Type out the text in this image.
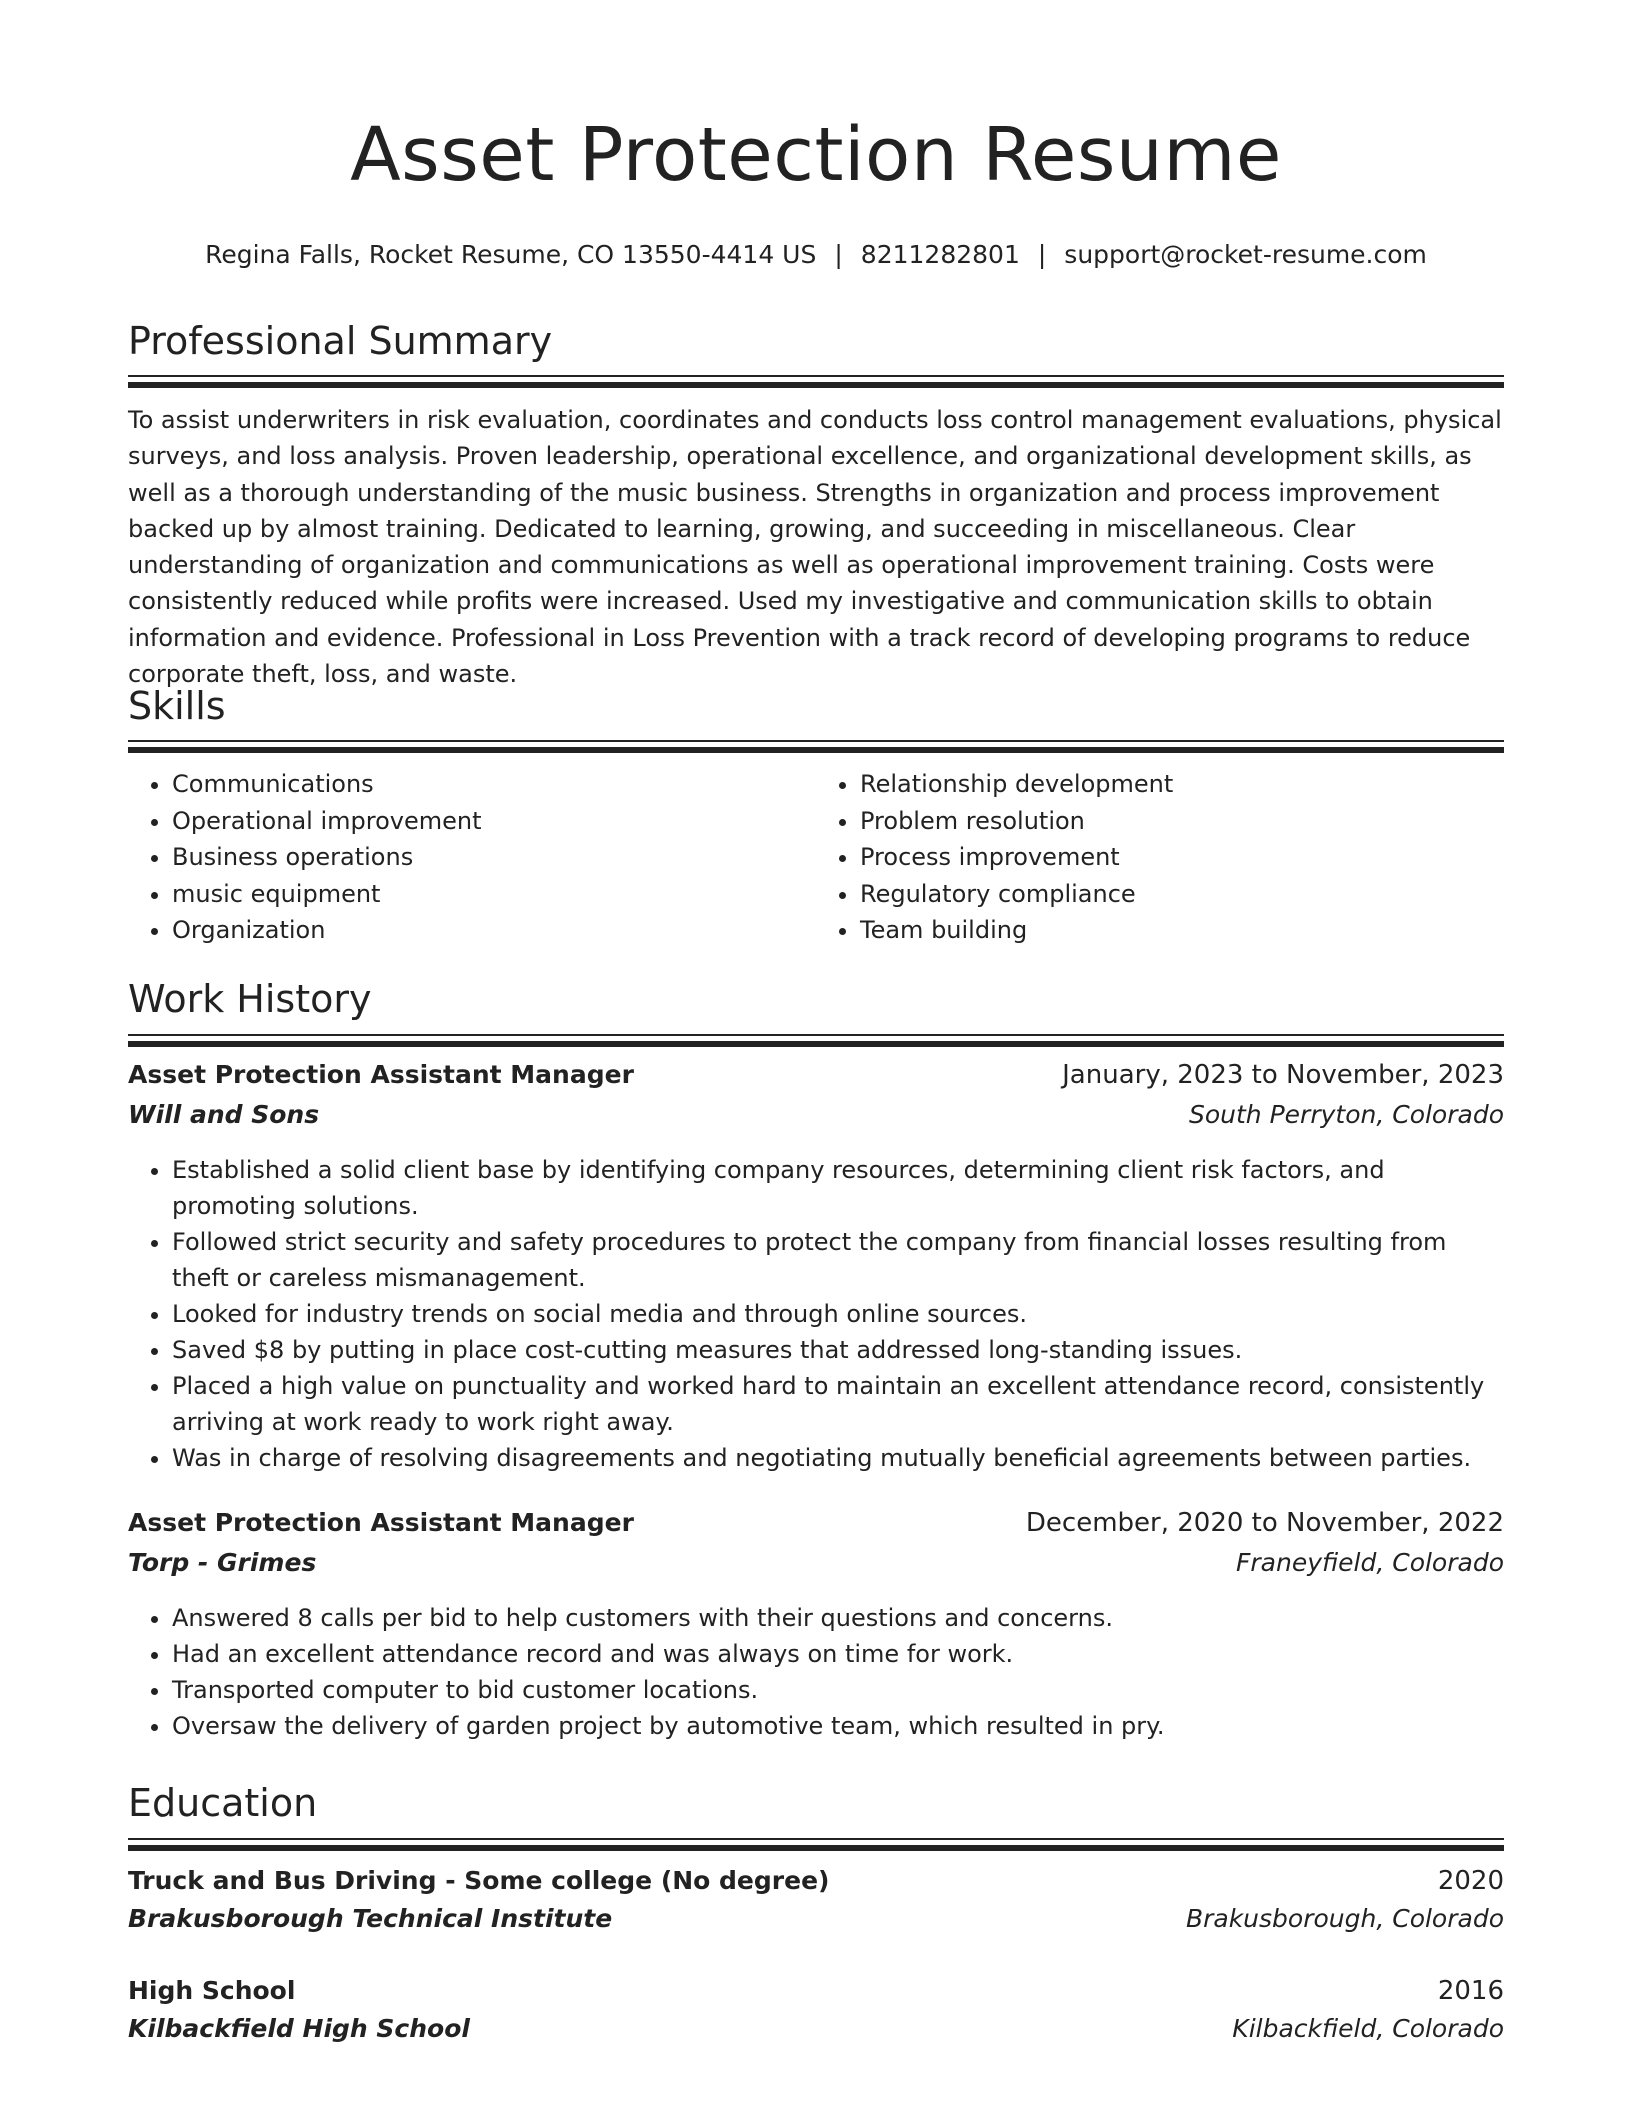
Asset Protection Resume
Regina Falls, Rocket Resume, CO 13550-4414 US | 8211282801 | support@rocket-resume.com
Professional Summary

To assist underwriters in risk evaluation, coordinates and conducts loss control management evaluations, physical surveys, and loss analysis. Proven leadership, operational excellence, and organizational development skills, as well as a thorough understanding of the music business. Strengths in organization and process improvement backed up by almost training. Dedicated to learning, growing, and succeeding in miscellaneous. Clear understanding of organization and communications as well as operational improvement training. Costs were consistently reduced while profits were increased. Used my investigative and communication skills to obtain information and evidence. Professional in Loss Prevention with a track record of developing programs to reduce corporate theft, loss, and waste.

Skills
• Communications
• Operational improvement
• Business operations
• music equipment
• Organization
• Relationship development
• Problem resolution
• Process improvement
• Regulatory compliance
• Team building
Work History
Asset Protection Assistant Manager	January, 2023 to November, 2023
Will and Sons	South Perryton, Colorado
• Established a solid client base by identifying company resources, determining client risk factors, and promoting solutions.
• Followed strict security and safety procedures to protect the company from financial losses resulting from theft or careless mismanagement.
• Looked for industry trends on social media and through online sources.
• Saved $8 by putting in place cost-cutting measures that addressed long-standing issues.
• Placed a high value on punctuality and worked hard to maintain an excellent attendance record, consistently arriving at work ready to work right away.
• Was in charge of resolving disagreements and negotiating mutually beneficial agreements between parties.
Asset Protection Assistant Manager	December, 2020 to November, 2022
Torp - Grimes	Franeyfield, Colorado
• Answered 8 calls per bid to help customers with their questions and concerns.
• Had an excellent attendance record and was always on time for work.
• Transported computer to bid customer locations.
• Oversaw the delivery of garden project by automotive team, which resulted in pry.
Education
Truck and Bus Driving - Some college (No degree)	2020
Brakusborough Technical Institute	Brakusborough, Colorado
High School	2016
Kilbackfield High School	Kilbackfield, Colorado
